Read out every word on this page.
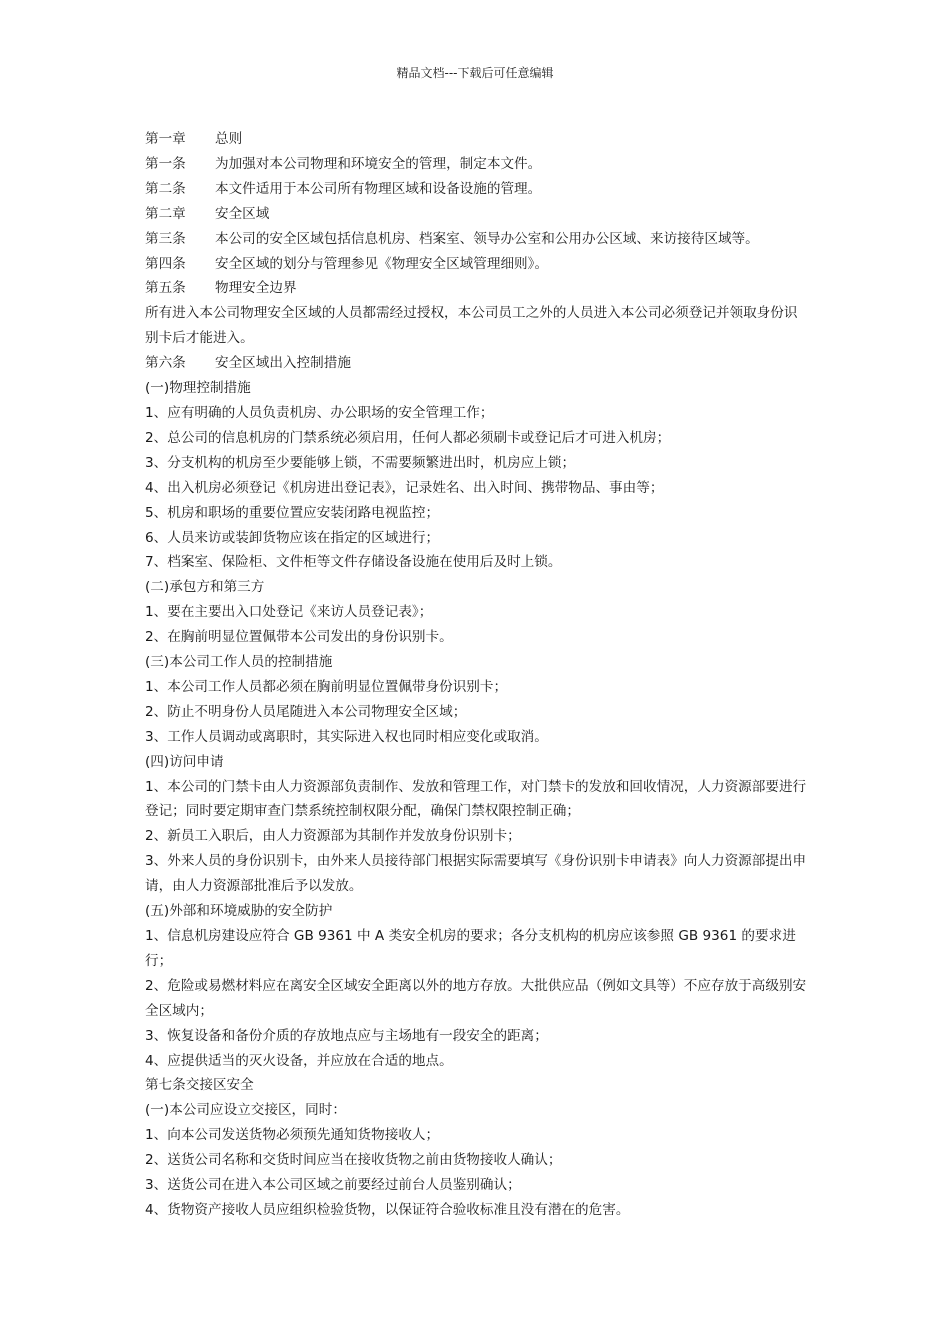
精品文档---下载后可任意编辑
第一章	总则
第一条	为加强对本公司物理和环境安全的管理，制定本文件。
第二条	本文件适用于本公司所有物理区域和设备设施的管理。
第二章	安全区域
第三条	本公司的安全区域包括信息机房、档案室、领导办公室和公用办公区域、来访接待区域等。
第四条	安全区域的划分与管理参见《物理安全区域管理细则》。
第五条	物理安全边界
所有进入本公司物理安全区域的人员都需经过授权，本公司员工之外的人员进入本公司必须登记并领取身份识别卡后才能进入。
第六条	安全区域出入控制措施
(一)物理控制措施
1、应有明确的人员负责机房、办公职场的安全管理工作；
2、总公司的信息机房的门禁系统必须启用，任何人都必须刷卡或登记后才可进入机房；
3、分支机构的机房至少要能够上锁，不需要频繁进出时，机房应上锁；
4、出入机房必须登记《机房进出登记表》，记录姓名、出入时间、携带物品、事由等；
5、机房和职场的重要位置应安装闭路电视监控；
6、人员来访或装卸货物应该在指定的区域进行；
7、档案室、保险柜、文件柜等文件存储设备设施在使用后及时上锁。
(二)承包方和第三方
1、要在主要出入口处登记《来访人员登记表》；
2、在胸前明显位置佩带本公司发出的身份识别卡。
(三)本公司工作人员的控制措施
1、本公司工作人员都必须在胸前明显位置佩带身份识别卡；
2、防止不明身份人员尾随进入本公司物理安全区域；
3、工作人员调动或离职时，其实际进入权也同时相应变化或取消。
(四)访问申请
1、本公司的门禁卡由人力资源部负责制作、发放和管理工作，对门禁卡的发放和回收情况，人力资源部要进行登记；同时要定期审查门禁系统控制权限分配，确保门禁权限控制正确；
2、新员工入职后，由人力资源部为其制作并发放身份识别卡；
3、外来人员的身份识别卡，由外来人员接待部门根据实际需要填写《身份识别卡申请表》向人力资源部提出申请，由人力资源部批准后予以发放。
(五)外部和环境威胁的安全防护
1、信息机房建设应符合 GB 9361 中 A 类安全机房的要求；各分支机构的机房应该参照 GB 9361 的要求进行；
2、危险或易燃材料应在离安全区域安全距离以外的地方存放。大批供应品（例如文具等）不应存放于高级别安全区域内；
3、恢复设备和备份介质的存放地点应与主场地有一段安全的距离；
4、应提供适当的灭火设备，并应放在合适的地点。
第七条交接区安全
(一)本公司应设立交接区，同时：
1、向本公司发送货物必须预先通知货物接收人；
2、送货公司名称和交货时间应当在接收货物之前由货物接收人确认；
3、送货公司在进入本公司区域之前要经过前台人员鉴别确认；
4、货物资产接收人员应组织检验货物，以保证符合验收标准且没有潜在的危害。
